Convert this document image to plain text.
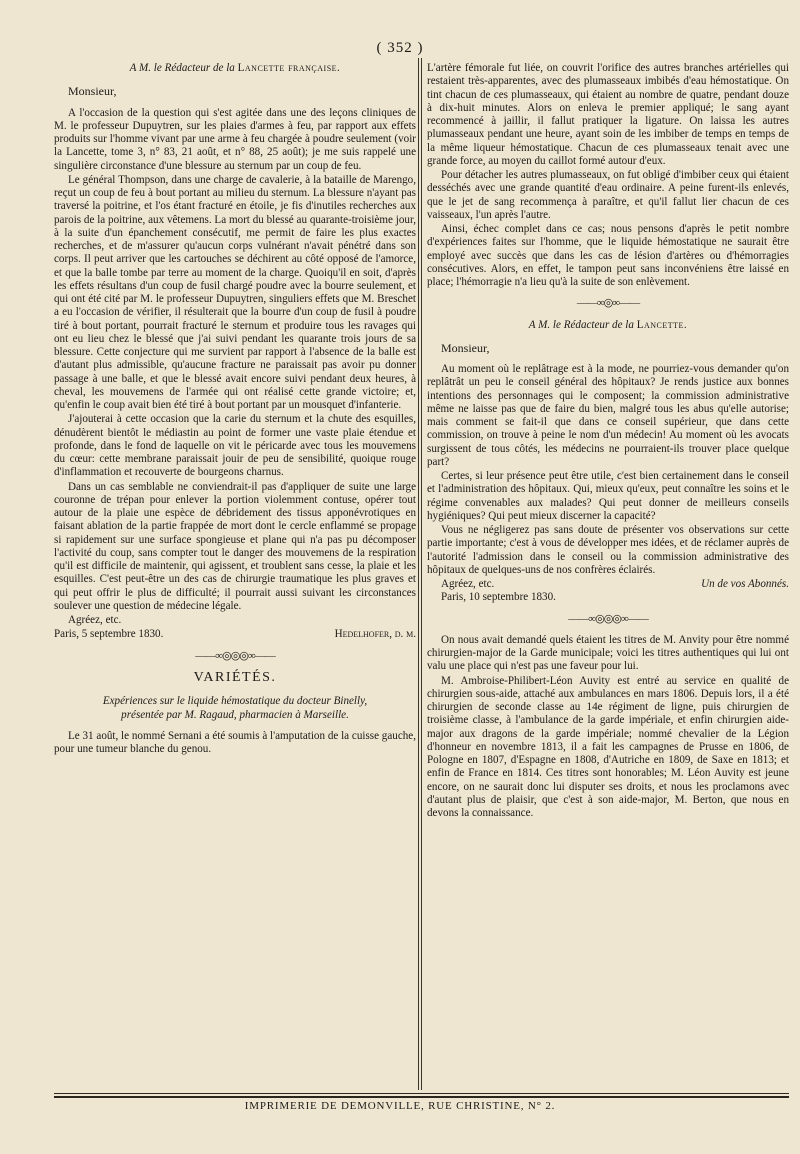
( 352 )
A M. le Rédacteur de la Lancette française.
Monsieur,

A l'occasion de la question qui s'est agitée dans une des leçons cliniques de M. le professeur Dupuytren, sur les plaies d'armes à feu, par rapport aux effets produits sur l'homme vivant par une arme à feu chargée à poudre seulement (voir la Lancette, tome 3, n° 83, 21 août, et n° 88, 25 août); je me suis rappelé une singulière circonstance d'une blessure au sternum par un coup de feu.

Le général Thompson, dans une charge de cavalerie, à la bataille de Marengo, reçut un coup de feu à bout portant au milieu du sternum. La blessure n'ayant pas traversé la poitrine, et l'os étant fracturé en étoile, je fis d'inutiles recherches aux parois de la poitrine, aux vêtemens. La mort du blessé au quarante-troisième jour, à la suite d'un épanchement consécutif, me permit de faire les plus exactes recherches, et de m'assurer qu'aucun corps vulnérant n'avait pénétré dans son corps. Il peut arriver que les cartouches se déchirent au côté opposé de l'amorce, et que la balle tombe par terre au moment de la charge. Quoiqu'il en soit, d'après les effets résultans d'un coup de fusil chargé poudre avec la bourre seulement, et qui ont été cité par M. le professeur Dupuytren, singuliers effets que M. Breschet a eu l'occasion de vérifier, il résulterait que la bourre d'un coup de fusil à poudre tiré à bout portant, pourrait fracturé le sternum et produire tous les ravages qui ont eu lieu chez le blessé que j'ai suivi pendant les quarante trois jours de sa blessure. Cette conjecture qui me survient par rapport à l'absence de la balle est d'autant plus admissible, qu'aucune fracture ne paraissait pas avoir pu donner passage à une balle, et que le blessé avait encore suivi pendant deux heures, à cheval, les mouvemens de l'armée qui ont réalisé cette grande victoire; et, qu'enfin le coup avait bien été tiré à bout portant par un mousquet d'infanterie.

J'ajouterai à cette occasion que la carie du sternum et la chute des esquilles, dénudèrent bientôt le médiastin au point de former une vaste plaie étendue et profonde, dans le fond de laquelle on vit le péricarde avec tous les mouvemens du cœur: cette membrane paraissait jouir de peu de sensibilité, quoique rouge d'inflammation et recouverte de bourgeons charnus.

Dans un cas semblable ne conviendrait-il pas d'appliquer de suite une large couronne de trépan pour enlever la portion violemment contuse, opérer tout autour de la plaie une espèce de débridement des tissus apponévrotiques en faisant ablation de la partie frappée de mort dont le cercle enflammé se propage si rapidement sur une surface spongieuse et plane qui n'a pas pu décomposer l'activité du coup, sans compter tout le danger des mouvemens de la respiration qu'il est difficile de maintenir, qui agissent, et troublent sans cesse, la plaie et les esquilles. C'est peut-être un des cas de chirurgie traumatique les plus graves et qui peut offrir le plus de difficulté; il pourrait aussi suivant les circonstances soulever une question de médecine légale.

Agréez, etc.

Paris, 5 septembre 1830.	Hedelhofer, d. m.
——∞◎◎◎∞——
VARIÉTÉS.
Expériences sur le liquide hémostatique du docteur Binelly,
présentée par M. Ragaud, pharmacien à Marseille.

Le 31 août, le nommé Sernani a été soumis à l'amputation de la cuisse gauche, pour une tumeur blanche du genou.

L'artère fémorale fut liée, on couvrit l'orifice des autres branches artérielles qui restaient très-apparentes, avec des plumasseaux imbibés d'eau hémostatique. On tint chacun de ces plumasseaux, qui étaient au nombre de quatre, pendant douze à dix-huit minutes. Alors on enleva le premier appliqué; le sang ayant recommencé à jaillir, il fallut pratiquer la ligature. On laissa les autres plumasseaux pendant une heure, ayant soin de les imbiber de temps en temps de la même liqueur hémostatique. Chacun de ces plumasseaux tenait avec une grande force, au moyen du caillot formé autour d'eux.

Pour détacher les autres plumasseaux, on fut obligé d'imbiber ceux qui étaient desséchés avec une grande quantité d'eau ordinaire. A peine furent-ils enlevés, que le jet de sang recommença à paraître, et qu'il fallut lier chacun de ces vaisseaux, l'un après l'autre.

Ainsi, échec complet dans ce cas; nous pensons d'après le petit nombre d'expériences faites sur l'homme, que le liquide hémostatique ne saurait être employé avec succès que dans les cas de lésion d'artères ou d'hémorragies consécutives. Alors, en effet, le tampon peut sans inconvéniens être laissé en place; l'hémorragie n'a lieu qu'à la suite de son enlèvement.

——∞◎∞——
A M. le Rédacteur de la Lancette.
Monsieur,

Au moment où le replâtrage est à la mode, ne pourriez-vous demander qu'on replâtrât un peu le conseil général des hôpitaux? Je rends justice aux bonnes intentions des personnages qui le composent; la commission administrative même ne laisse pas que de faire du bien, malgré tous les abus qu'elle autorise; mais comment se fait-il que dans ce conseil supérieur, que dans cette commission, on trouve à peine le nom d'un médecin! Au moment où les avocats surgissent de tous côtés, les médecins ne pourraient-ils trouver place quelque part?

Certes, si leur présence peut être utile, c'est bien certainement dans le conseil et l'administration des hôpitaux. Qui, mieux qu'eux, peut connaître les soins et le régime convenables aux malades? Qui peut donner de meilleurs conseils hygiéniques? Qui peut mieux discerner la capacité?

Vous ne négligerez pas sans doute de présenter vos observations sur cette partie importante; c'est à vous de développer mes idées, et de réclamer auprès de l'autorité l'admission dans le conseil ou la commission administrative des hôpitaux de quelques-uns de nos confrères éclairés.

Agréez, etc.	Un de vos Abonnés.

Paris, 10 septembre 1830.

——∞◎◎◎∞——

On nous avait demandé quels étaient les titres de M. Anvity pour être nommé chirurgien-major de la Garde municipale; voici les titres authentiques qui lui ont valu une place qui n'est pas une faveur pour lui.

M. Ambroise-Philibert-Léon Auvity est entré au service en qualité de chirurgien sous-aide, attaché aux ambulances en mars 1806. Depuis lors, il a été chirurgien de seconde classe au 14e régiment de ligne, puis chirurgien de troisième classe, à l'ambulance de la garde impériale, et enfin chirurgien aide-major aux dragons de la garde impériale; nommé chevalier de la Légion d'honneur en novembre 1813, il a fait les campagnes de Prusse en 1806, de Pologne en 1807, d'Espagne en 1808, d'Autriche en 1809, de Saxe en 1813; et enfin de France en 1814. Ces titres sont honorables; M. Léon Auvity est jeune encore, on ne saurait donc lui disputer ses droits, et nous les proclamons avec d'autant plus de plaisir, que c'est à son aide-major, M. Berton, que nous en devons la connaissance.

IMPRIMERIE DE DEMONVILLE, RUE CHRISTINE, N° 2.
